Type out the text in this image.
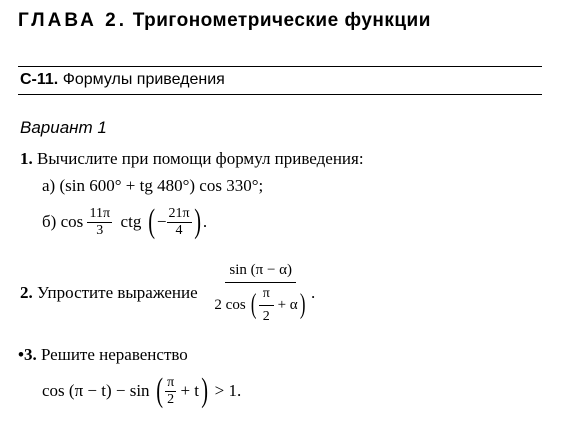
ГЛАВА 2. Тригонометрические функции
С-11. Формулы приведения
Вариант 1
1. Вычислите при помощи формул приведения:
а) (sin 600° + tg 480°) cos 330°;
б)
cos
$\frac{11\pi}{3}$
ctg
( − $\frac{21\pi}{4}$ ) .
2.
Упростите выражение

sin (π − α)
2 cos
( $\frac{\pi}{2}$
+ α ) .
•3. Решите неравенство
cos (π − t) − sin
( $\frac{\pi}{2}$
+ t )
> 1.
